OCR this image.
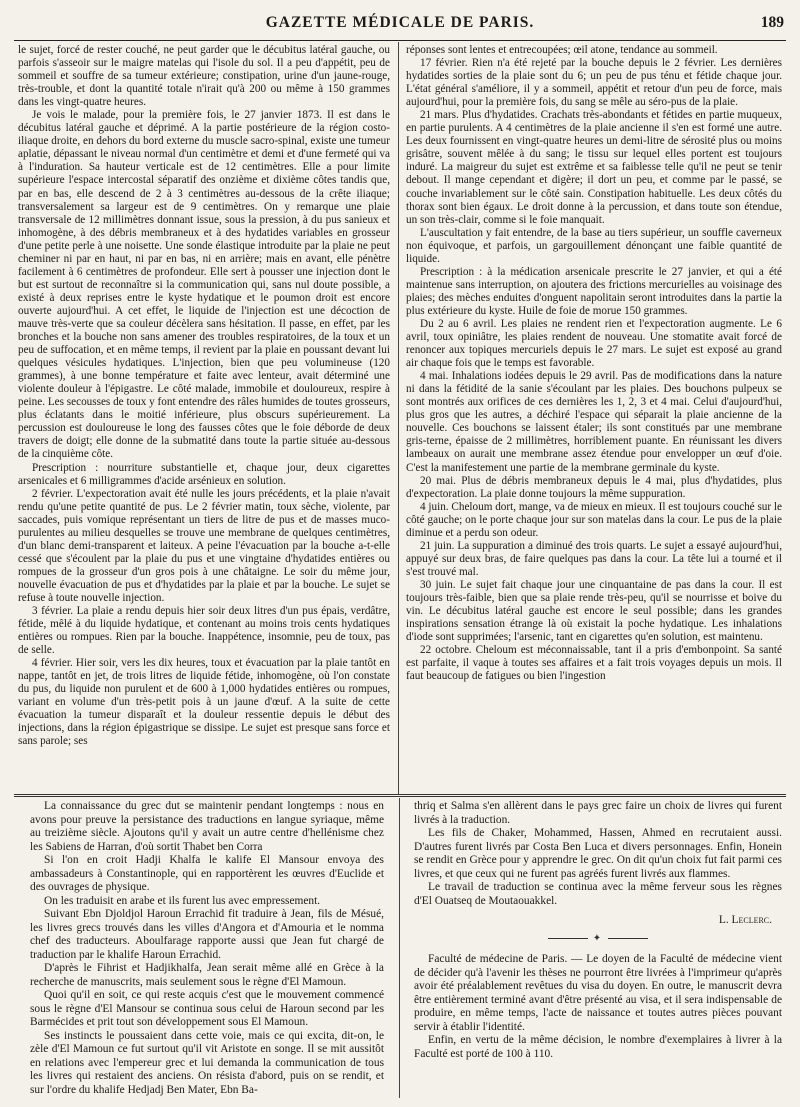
GAZETTE MÉDICALE DE PARIS.	189

le sujet, forcé de rester couché, ne peut garder que le décubitus latéral gauche, ou parfois s'asseoir sur le maigre matelas qui l'isole du sol. Il a peu d'appétit, peu de sommeil et souffre de sa tumeur extérieure; constipation, urine d'un jaune-rouge, très-trouble, et dont la quantité totale n'irait qu'à 200 ou même à 150 grammes dans les vingt-quatre heures.

Je vois le malade, pour la première fois, le 27 janvier 1873. Il est dans le décubitus latéral gauche et déprimé. A la partie postérieure de la région costo-iliaque droite, en dehors du bord externe du muscle sacro-spinal, existe une tumeur aplatie, dépassant le niveau normal d'un centimètre et demi et d'une fermeté qui va à l'induration. Sa hauteur verticale est de 12 centimètres. Elle a pour limite supérieure l'espace intercostal séparatif des onzième et dixième côtes tandis que, par en bas, elle descend de 2 à 3 centimètres au-dessous de la crête iliaque; transversalement sa largeur est de 9 centimètres. On y remarque une plaie transversale de 12 millimètres donnant issue, sous la pression, à du pus sanieux et inhomogène, à des débris membraneux et à des hydatides variables en grosseur d'une petite perle à une noisette. Une sonde élastique introduite par la plaie ne peut cheminer ni par en haut, ni par en bas, ni en arrière; mais en avant, elle pénètre facilement à 6 centimètres de profondeur. Elle sert à pousser une injection dont le but est surtout de reconnaître si la communication qui, sans nul doute possible, a existé à deux reprises entre le kyste hydatique et le poumon droit est encore ouverte aujourd'hui. A cet effet, le liquide de l'injection est une décoction de mauve très-verte que sa couleur décèlera sans hésitation. Il passe, en effet, par les bronches et la bouche non sans amener des troubles respiratoires, de la toux et un peu de suffocation, et en même temps, il revient par la plaie en poussant devant lui quelques vésicules hydatiques. L'injection, bien que peu volumineuse (120 grammes), à une bonne température et faite avec lenteur, avait déterminé une violente douleur à l'épigastre. Le côté malade, immobile et douloureux, respire à peine. Les secousses de toux y font entendre des râles humides de toutes grosseurs, plus éclatants dans le moitié inférieure, plus obscurs supérieurement. La percussion est douloureuse le long des fausses côtes que le foie déborde de deux travers de doigt; elle donne de la submatité dans toute la partie située au-dessous de la cinquième côte.

Prescription : nourriture substantielle et, chaque jour, deux cigarettes arsenicales et 6 milligrammes d'acide arsénieux en solution.

2 février. L'expectoration avait été nulle les jours précédents, et la plaie n'avait rendu qu'une petite quantité de pus. Le 2 février matin, toux sèche, violente, par saccades, puis vomique représentant un tiers de litre de pus et de masses muco-purulentes au milieu desquelles se trouve une membrane de quelques centimètres, d'un blanc demi-transparent et laiteux. A peine l'évacuation par la bouche a-t-elle cessé que s'écoulent par la plaie du pus et une vingtaine d'hydatides entières ou rompues de la grosseur d'un gros pois à une châtaigne. Le soir du même jour, nouvelle évacuation de pus et d'hydatides par la plaie et par la bouche. Le sujet se refuse à toute nouvelle injection.

3 février. La plaie a rendu depuis hier soir deux litres d'un pus épais, verdâtre, fétide, mêlé à du liquide hydatique, et contenant au moins trois cents hydatiques entières ou rompues. Rien par la bouche. Inappétence, insomnie, peu de toux, pas de selle.

4 février. Hier soir, vers les dix heures, toux et évacuation par la plaie tantôt en nappe, tantôt en jet, de trois litres de liquide fétide, inhomogène, où l'on constate du pus, du liquide non purulent et de 600 à 1,000 hydatides entières ou rompues, variant en volume d'un très-petit pois à un jaune d'œuf. A la suite de cette évacuation la tumeur disparaît et la douleur ressentie depuis le début des injections, dans la région épigastrique se dissipe. Le sujet est presque sans force et sans parole; ses

réponses sont lentes et entrecoupées; œil atone, tendance au sommeil.

17 février. Rien n'a été rejeté par la bouche depuis le 2 février. Les dernières hydatides sorties de la plaie sont du 6; un peu de pus ténu et fétide chaque jour. L'état général s'améliore, il y a sommeil, appétit et retour d'un peu de force, mais aujourd'hui, pour la première fois, du sang se mêle au séro-pus de la plaie.

21 mars. Plus d'hydatides. Crachats très-abondants et fétides en partie muqueux, en partie purulents. A 4 centimètres de la plaie ancienne il s'en est formé une autre. Les deux fournissent en vingt-quatre heures un demi-litre de sérosité plus ou moins grisâtre, souvent mêlée à du sang; le tissu sur lequel elles portent est toujours induré. La maigreur du sujet est extrême et sa faiblesse telle qu'il ne peut se tenir debout. Il mange cependant et digère; il dort un peu, et comme par le passé, se couche invariablement sur le côté sain. Constipation habituelle. Les deux côtés du thorax sont bien égaux. Le droit donne à la percussion, et dans toute son étendue, un son très-clair, comme si le foie manquait.

L'auscultation y fait entendre, de la base au tiers supérieur, un souffle caverneux non équivoque, et parfois, un gargouillement dénonçant une faible quantité de liquide.

Prescription : à la médication arsenicale prescrite le 27 janvier, et qui a été maintenue sans interruption, on ajoutera des frictions mercurielles au voisinage des plaies; des mèches enduites d'onguent napolitain seront introduites dans la partie la plus extérieure du kyste. Huile de foie de morue 150 grammes.

Du 2 au 6 avril. Les plaies ne rendent rien et l'expectoration augmente. Le 6 avril, toux opiniâtre, les plaies rendent de nouveau. Une stomatite avait forcé de renoncer aux topiques mercuriels depuis le 27 mars. Le sujet est exposé au grand air chaque fois que le temps est favorable.

4 mai. Inhalations iodées depuis le 29 avril. Pas de modifications dans la nature ni dans la fétidité de la sanie s'écoulant par les plaies. Des bouchons pulpeux se sont montrés aux orifices de ces dernières les 1, 2, 3 et 4 mai. Celui d'aujourd'hui, plus gros que les autres, a déchiré l'espace qui séparait la plaie ancienne de la nouvelle. Ces bouchons se laissent étaler; ils sont constitués par une membrane gris-terne, épaisse de 2 millimètres, horriblement puante. En réunissant les divers lambeaux on aurait une membrane assez étendue pour envelopper un œuf d'oie. C'est la manifestement une partie de la membrane germinale du kyste.

20 mai. Plus de débris membraneux depuis le 4 mai, plus d'hydatides, plus d'expectoration. La plaie donne toujours la même suppuration.

4 juin. Cheloum dort, mange, va de mieux en mieux. Il est toujours couché sur le côté gauche; on le porte chaque jour sur son matelas dans la cour. Le pus de la plaie diminue et a perdu son odeur.

21 juin. La suppuration a diminué des trois quarts. Le sujet a essayé aujourd'hui, appuyé sur deux bras, de faire quelques pas dans la cour. La tête lui a tourné et il s'est trouvé mal.

30 juin. Le sujet fait chaque jour une cinquantaine de pas dans la cour. Il est toujours très-faible, bien que sa plaie rende très-peu, qu'il se nourrisse et boive du vin. Le décubitus latéral gauche est encore le seul possible; dans les grandes inspirations sensation étrange là où existait la poche hydatique. Les inhalations d'iode sont supprimées; l'arsenic, tant en cigarettes qu'en solution, est maintenu.

22 octobre. Cheloum est méconnaissable, tant il a pris d'embonpoint. Sa santé est parfaite, il vaque à toutes ses affaires et a fait trois voyages depuis un mois. Il faut beaucoup de fatigues ou bien l'ingestion

La connaissance du grec dut se maintenir pendant longtemps : nous en avons pour preuve la persistance des traductions en langue syriaque, même au treizième siècle. Ajoutons qu'il y avait un autre centre d'hellénisme chez les Sabiens de Harran, d'où sortit Thabet ben Corra

Si l'on en croit Hadji Khalfa le kalife El Mansour envoya des ambassadeurs à Constantinople, qui en rapportèrent les œuvres d'Euclide et des ouvrages de physique.

On les traduisit en arabe et ils furent lus avec empressement.

Suivant Ebn Djoldjol Haroun Errachid fit traduire à Jean, fils de Mésué, les livres grecs trouvés dans les villes d'Angora et d'Amouria et le nomma chef des traducteurs. Aboulfarage rapporte aussi que Jean fut chargé de traduction par le khalife Haroun Errachid.

D'après le Fihrist et Hadjikhalfa, Jean serait même allé en Grèce à la recherche de manuscrits, mais seulement sous le règne d'El Mamoun.

Quoi qu'il en soit, ce qui reste acquis c'est que le mouvement commencé sous le règne d'El Mansour se continua sous celui de Haroun second par les Barmécides et prit tout son développement sous El Mamoun.

Ses instincts le poussaient dans cette voie, mais ce qui excita, dit-on, le zèle d'El Mamoun ce fut surtout qu'il vit Aristote en songe. Il se mit aussitôt en relations avec l'empereur grec et lui demanda la communication de tous les livres qui restaient des anciens. On résista d'abord, puis on se rendit, et sur l'ordre du khalife Hedjadj Ben Mater, Ebn Ba-

thriq et Salma s'en allèrent dans le pays grec faire un choix de livres qui furent livrés à la traduction.

Les fils de Chaker, Mohammed, Hassen, Ahmed en recrutaient aussi. D'autres furent livrés par Costa Ben Luca et divers personnages. Enfin, Honein se rendit en Grèce pour y apprendre le grec. On dit qu'un choix fut fait parmi ces livres, et que ceux qui ne furent pas agréés furent livrés aux flammes.

Le travail de traduction se continua avec la même ferveur sous les règnes d'El Ouatseq de Moutaouakkel.

L. Leclerc.
✦

Faculté de médecine de Paris. — Le doyen de la Faculté de médecine vient de décider qu'à l'avenir les thèses ne pourront être livrées à l'imprimeur qu'après avoir été préalablement revêtues du visa du doyen. En outre, le manuscrit devra être entièrement terminé avant d'être présenté au visa, et il sera indispensable de produire, en même temps, l'acte de naissance et toutes autres pièces pouvant servir à établir l'identité.

Enfin, en vertu de la même décision, le nombre d'exemplaires à livrer à la Faculté est porté de 100 à 110.
